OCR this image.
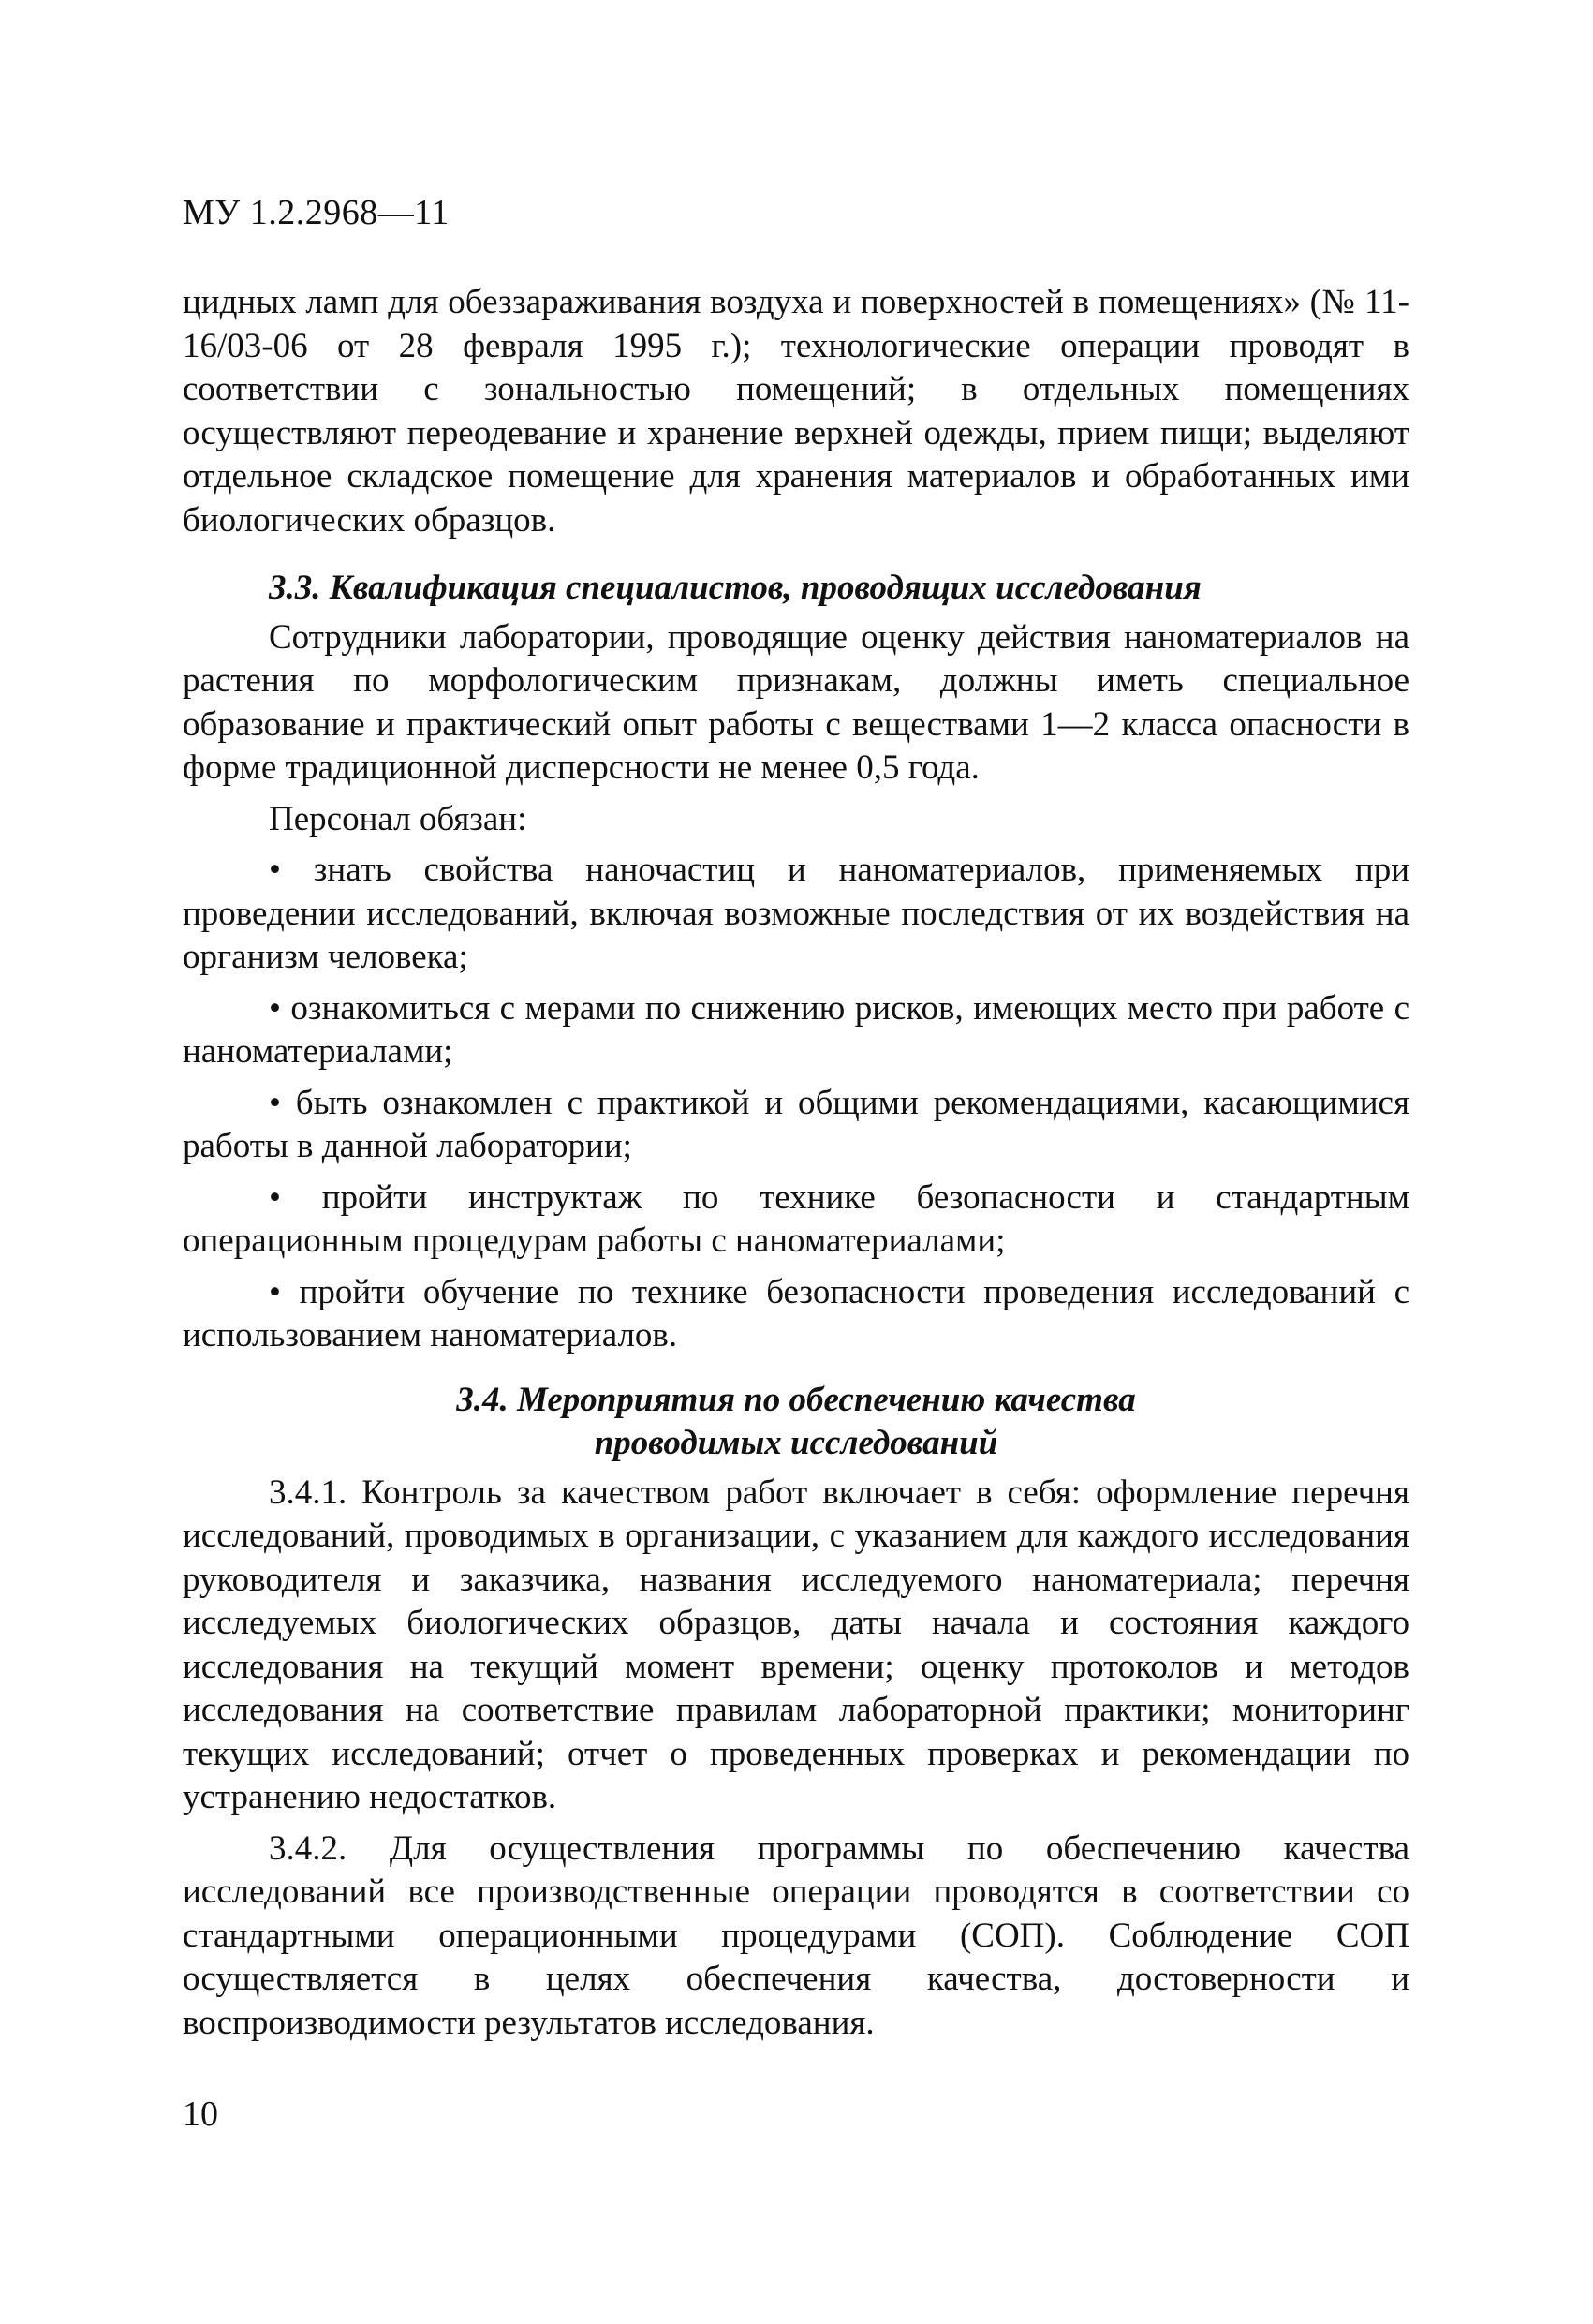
МУ 1.2.2968—11

цидных ламп для обеззараживания воздуха и поверхностей в помещениях» (№ 11-16/03-06 от 28 февраля 1995 г.); технологические операции проводят в соответствии с зональностью помещений; в отдельных помещениях осуществляют переодевание и хранение верхней одежды, прием пищи; выделяют отдельное складское помещение для хранения материалов и обработанных ими биологических образцов.

3.3. Квалификация специалистов, проводящих исследования

Сотрудники лаборатории, проводящие оценку действия наноматериалов на растения по морфологическим признакам, должны иметь специальное образование и практический опыт работы с веществами 1—2 класса опасности в форме традиционной дисперсности не менее 0,5 года.

Персонал обязан:

• знать свойства наночастиц и наноматериалов, применяемых при проведении исследований, включая возможные последствия от их воздействия на организм человека;

• ознакомиться с мерами по снижению рисков, имеющих место при работе с наноматериалами;

• быть ознакомлен с практикой и общими рекомендациями, касающимися работы в данной лаборатории;

• пройти инструктаж по технике безопасности и стандартным операционным процедурам работы с наноматериалами;

• пройти обучение по технике безопасности проведения исследований с использованием наноматериалов.

3.4. Мероприятия по обеспечению качества
проводимых исследований

3.4.1. Контроль за качеством работ включает в себя: оформление перечня исследований, проводимых в организации, с указанием для каждого исследования руководителя и заказчика, названия исследуемого наноматериала; перечня исследуемых биологических образцов, даты начала и состояния каждого исследования на текущий момент времени; оценку протоколов и методов исследования на соответствие правилам лабораторной практики; мониторинг текущих исследований; отчет о проведенных проверках и рекомендации по устранению недостатков.

3.4.2. Для осуществления программы по обеспечению качества исследований все производственные операции проводятся в соответствии со стандартными операционными процедурами (СОП). Соблюдение СОП осуществляется в целях обеспечения качества, достоверности и воспроизводимости результатов исследования.

10
